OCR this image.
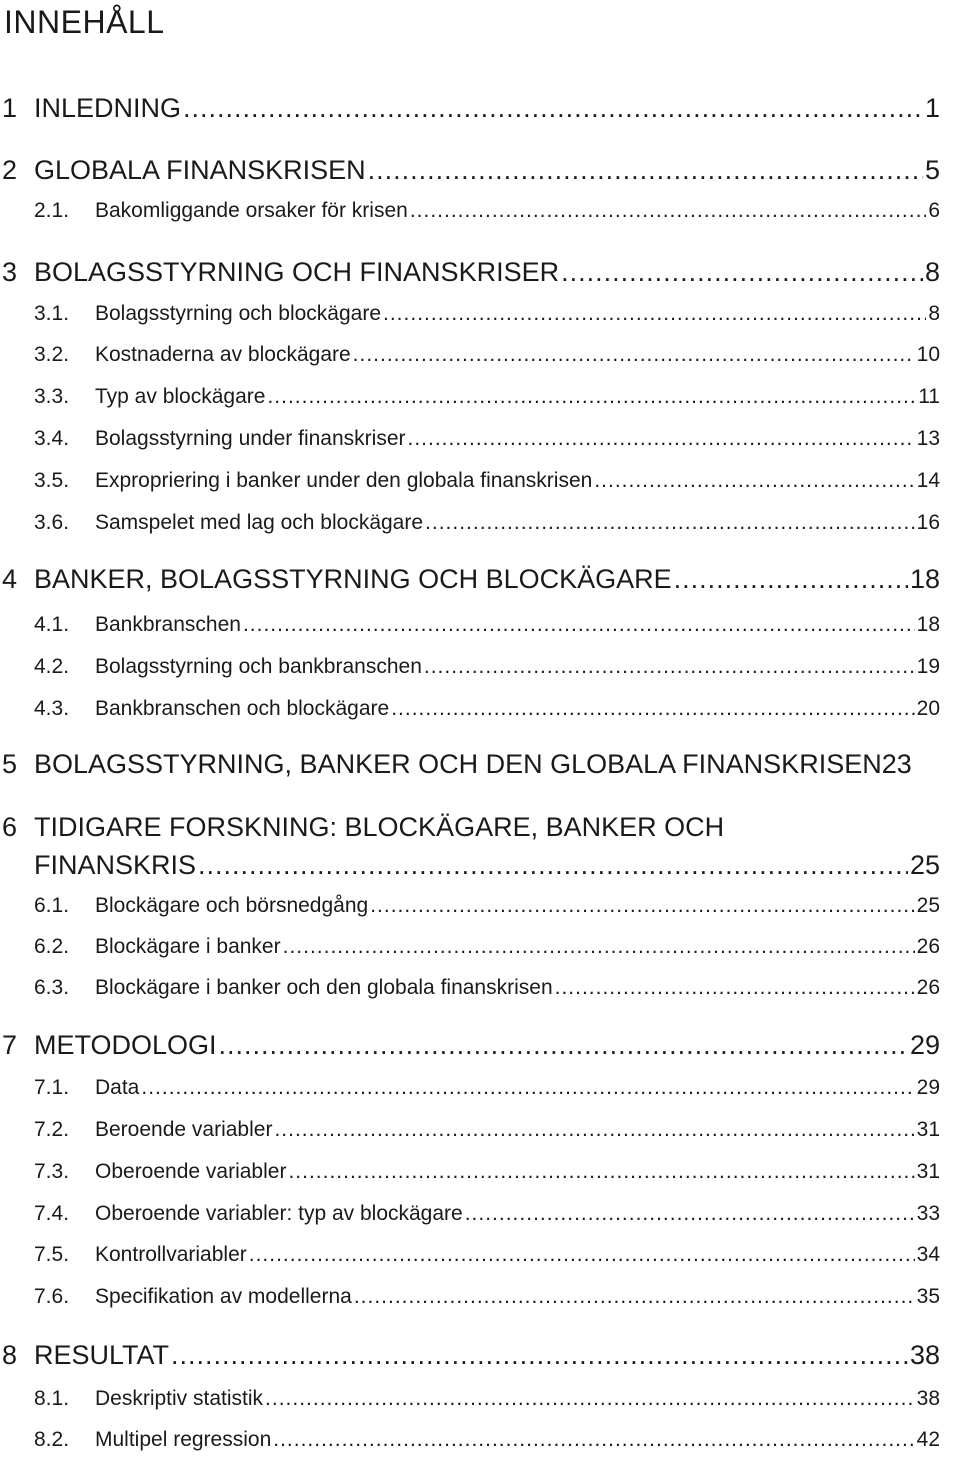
INNEHÅLL
1 INLEDNING .....	1
2 GLOBALA FINANSKRISEN .....	5
2.1.	Bakomliggande orsaker för krisen .....	6
3 BOLAGSSTYRNING OCH FINANSKRISER .....	8
3.1.	Bolagsstyrning och blockägare .....	8
3.2.	Kostnaderna av blockägare .....	10
3.3.	Typ av blockägare .....	11
3.4.	Bolagsstyrning under finanskriser .....	13
3.5.	Expropriering i banker under den globala finanskrisen .....	14
3.6.	Samspelet med lag och blockägare .....	16
4 BANKER, BOLAGSSTYRNING OCH BLOCKÄGARE .....	18
4.1.	Bankbranschen .....	18
4.2.	Bolagsstyrning och bankbranschen .....	19
4.3.	Bankbranschen och blockägare .....	20
5 BOLAGSSTYRNING, BANKER OCH DEN GLOBALA FINANSKRISEN 23
6 TIDIGARE FORSKNING: BLOCKÄGARE, BANKER OCH
FINANSKRIS .....	25
6.1.	Blockägare och börsnedgång .....	25
6.2.	Blockägare i banker .....	26
6.3.	Blockägare i banker och den globala finanskrisen .....	26
7 METODOLOGI .....	29
7.1.	Data .....	29
7.2.	Beroende variabler .....	31
7.3.	Oberoende variabler .....	31
7.4.	Oberoende variabler: typ av blockägare .....	33
7.5.	Kontrollvariabler .....	34
7.6.	Specifikation av modellerna .....	35
8 RESULTAT .....	38
8.1.	Deskriptiv statistik .....	38
8.2.	Multipel regression .....	42
